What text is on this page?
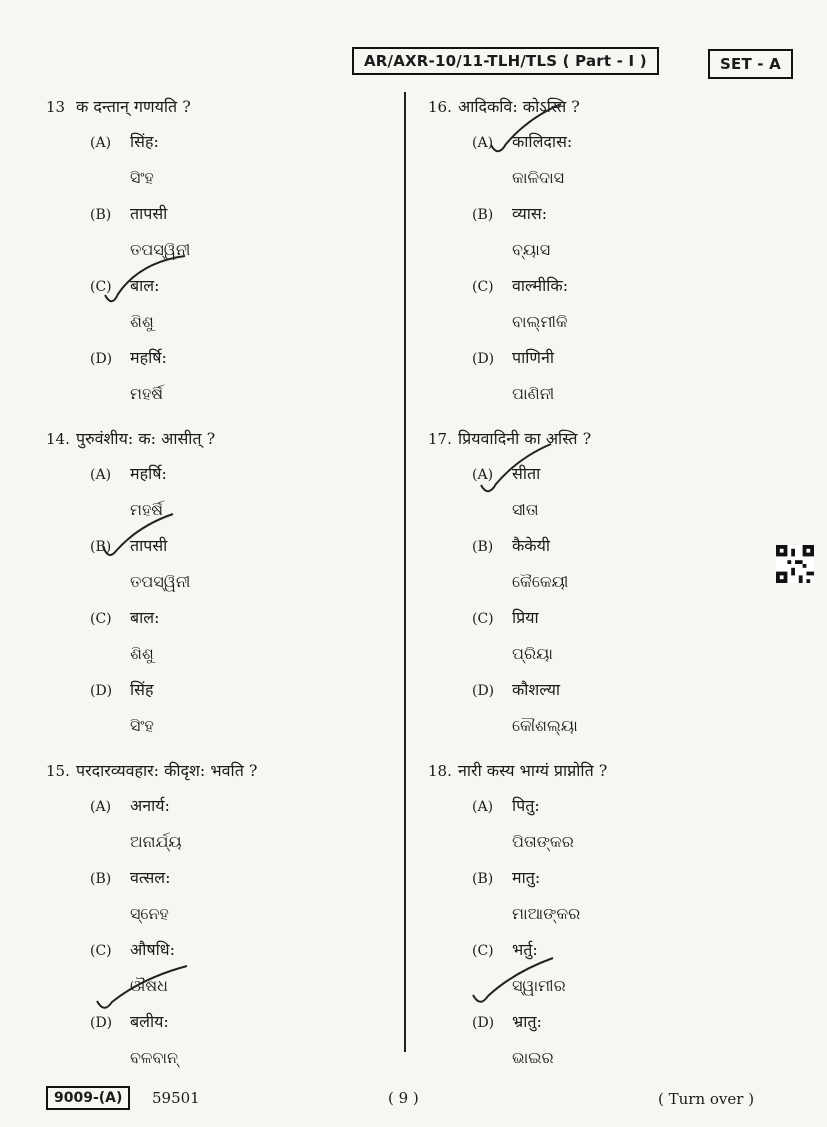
AR/AXR-10/11-TLH/TLS ( Part - I )	SET - A
13 क दन्तान् गणयति ?
(A)	सिंह:
ସିଂହ
(B)	तापसी
ତପସ୍ୱିନୀ
(C)	बाल:
ଶିଶୁ
(D)	महर्षि:
ମହର୍ଷି
14. पुरुवंशीय: क: आसीत् ?
(A)	महर्षि:
ମହର୍ଷି
(B)	तापसी
ତପସ୍ୱିନୀ
(C)	बाल:
ଶିଶୁ
(D)	सिंह
ସିଂହ
15. परदारव्यवहार: कीदृश: भवति ?
(A)	अनार्य:
ଅନାର୍ଯ୍ୟ
(B)	वत्सल:
ସ୍ନେହ
(C)	औषधि:
ଔଷଧ
(D)	बलीय:
ବଳବାନ୍
16. आदिकवि: कोऽस्ति ?
(A)	कालिदास:
କାଳିଦାସ
(B)	व्यास:
ବ୍ୟାସ
(C)	वाल्मीकि:
ବାଲ୍ମୀକି
(D)	पाणिनी
ପାଣିନୀ
17. प्रियवादिनी का अस्ति ?
(A)	सीता
ସୀତା
(B)	कैकेयी
କୈକେୟୀ
(C)	प्रिया
ପ୍ରିୟା
(D)	कौशल्या
କୌଶଲ୍ୟା
18. नारी कस्य भाग्यं प्राप्नोति ?
(A)	पितु:
ପିତାଙ୍କର
(B)	मातु:
ମାଆଙ୍କର
(C)	भर्तु:
ସ୍ୱାମୀର
(D)	भ्रातु:
ଭାଇର
9009-(A) 59501	( 9 )	( Turn over )
